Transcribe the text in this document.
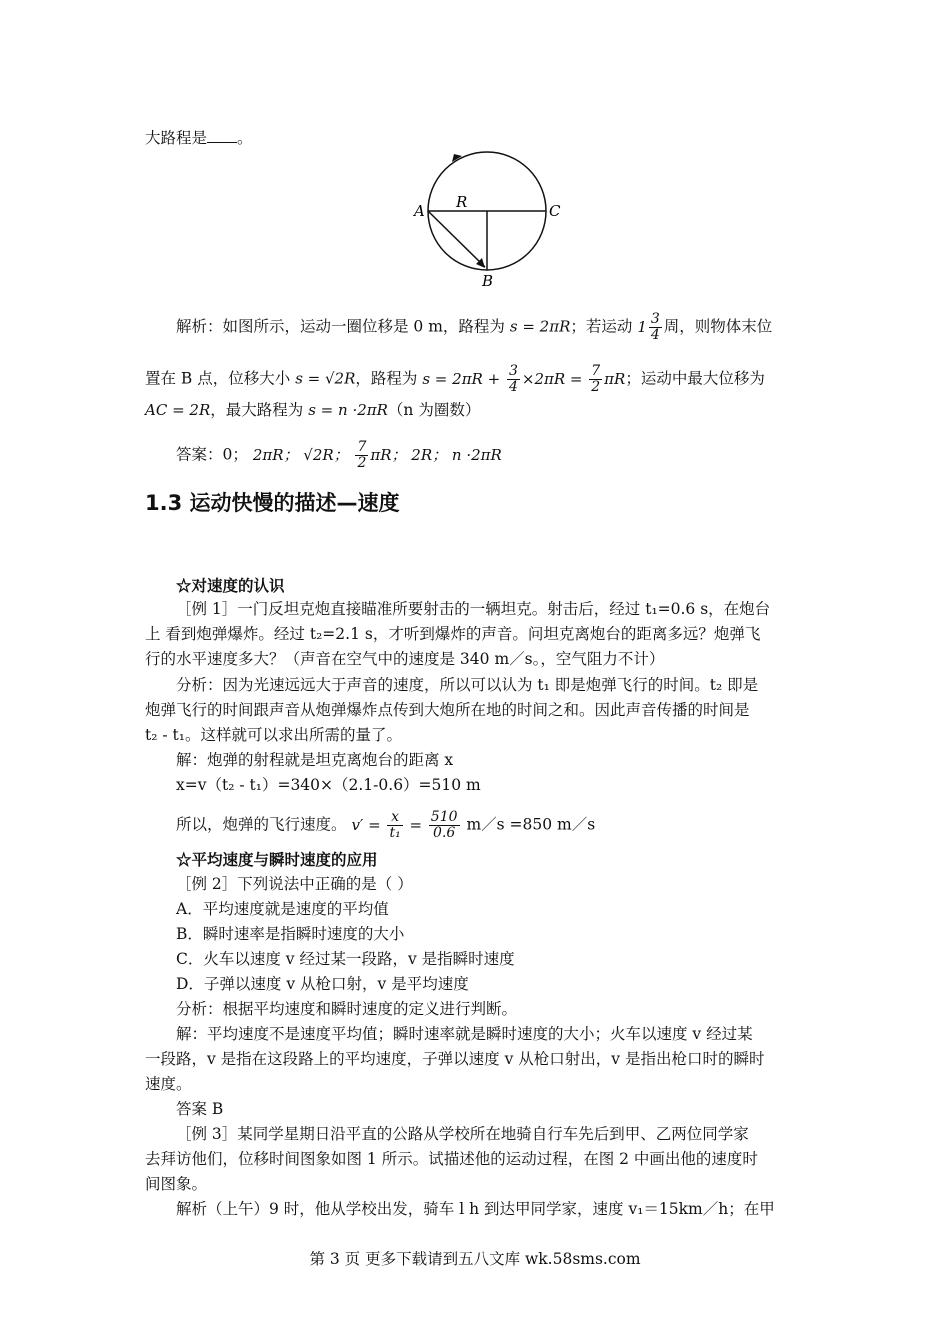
大路程是 。
A	C
B
R
解析：如图所示，运动一圈位移是 0 m，路程为 s = 2πR；若运动 $1 \frac{3}{4}$ 周，则物体末位
置在 B 点，位移大小 s = √2R，路程为 $s = 2\pi R + \frac{3}{4} \times 2\pi R = \frac{7}{2}$ πR；运动中最大位移为
AC = 2R，最大路程为 s = n ·2πR（n 为圈数）
答案：0； 2πR； √2R； $\frac{7}{2}$ πR； 2R； n ·2πR
1.3 运动快慢的描述—速度
☆对速度的认识
［例 1］一门反坦克炮直接瞄准所要射击的一辆坦克。射击后，经过 t₁=0.6 s，在炮台
上 看到炮弹爆炸。经过 t₂=2.1 s，才听到爆炸的声音。问坦克离炮台的距离多远？炮弹飞
行的水平速度多大？（声音在空气中的速度是 340 m／s。，空气阻力不计）
分析：因为光速远远大于声音的速度，所以可以认为 t₁ 即是炮弹飞行的时间。t₂ 即是
炮弹飞行的时间跟声音从炮弹爆炸点传到大炮所在地的时间之和。因此声音传播的时间是
t₂ - t₁。这样就可以求出所需的量了。
解：炮弹的射程就是坦克离炮台的距离 x
x=v（t₂ - t₁）=340×（2.1-0.6）=510 m
所以，炮弹的飞行速度。 $v' = \frac{x}{\text{t₁}} = \frac{510}{0.6}$ m／s =850 m／s
☆平均速度与瞬时速度的应用
［例 2］下列说法中正确的是（ ）
A．平均速度就是速度的平均值
B．瞬时速率是指瞬时速度的大小
C．火车以速度 v 经过某一段路，v 是指瞬时速度
D．子弹以速度 v 从枪口射，v 是平均速度
分析：根据平均速度和瞬时速度的定义进行判断。
解：平均速度不是速度平均值；瞬时速率就是瞬时速度的大小；火车以速度 v 经过某
一段路，v 是指在这段路上的平均速度，子弹以速度 v 从枪口射出，v 是指出枪口时的瞬时
速度。
答案 B
［例 3］某同学星期日沿平直的公路从学校所在地骑自行车先后到甲、乙两位同学家
去拜访他们，位移时间图象如图 1 所示。试描述他的运动过程，在图 2 中画出他的速度时
间图象。
解析（上午）9 时，他从学校出发，骑车 l h 到达甲同学家，速度 v₁＝15km／h；在甲
第 3 页 更多下载请到五八文库 wk.58sms.com
